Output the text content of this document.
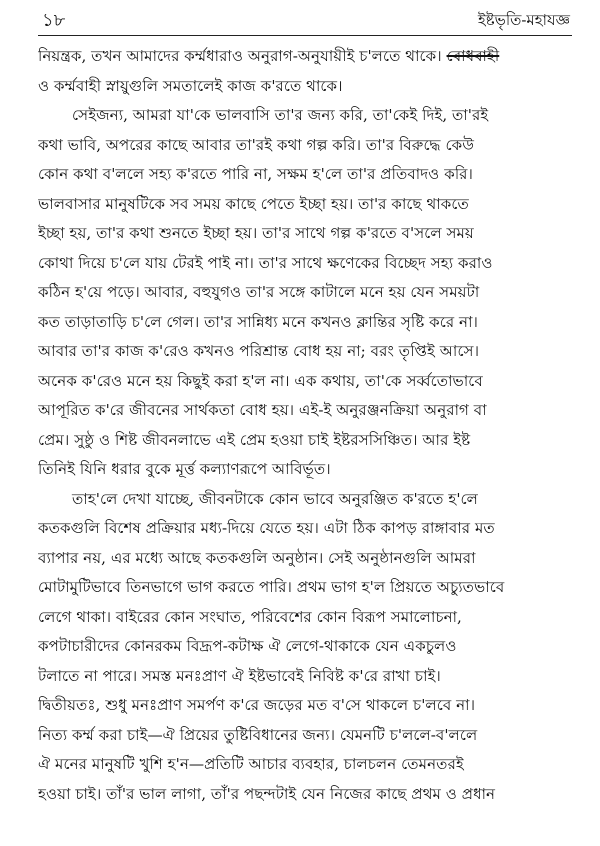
১৮	ইষ্টভৃতি-মহাযজ্ঞ
নিয়ন্ত্রক, তখন আমাদের কর্ম্মধারাও অনুরাগ-অনুযায়ীই চ'লতে থাকে। বোধবাহী
ও কর্ম্মবাহী স্নায়ুগুলি সমতালেই কাজ ক'রতে থাকে।
সেইজন্য, আমরা যা'কে ভালবাসি তা'র জন্য করি, তা'কেই দিই, তা'রই
কথা ভাবি, অপরের কাছে আবার তা'রই কথা গল্প করি। তা'র বিরুদ্ধে কেউ
কোন কথা ব'ললে সহ্য ক'রতে পারি না, সক্ষম হ'লে তা'র প্রতিবাদও করি।
ভালবাসার মানুষটিকে সব সময় কাছে পেতে ইচ্ছা হয়। তা'র কাছে থাকতে
ইচ্ছা হয়, তা'র কথা শুনতে ইচ্ছা হয়। তা'র সাথে গল্প ক'রতে ব'সলে সময়
কোথা দিয়ে চ'লে যায় টেরই পাই না। তা'র সাথে ক্ষণেকের বিচ্ছেদ সহ্য করাও
কঠিন হ'য়ে পড়ে। আবার, বহুযুগও তা'র সঙ্গে কাটালে মনে হয় যেন সময়টা
কত তাড়াতাড়ি চ'লে গেল। তা'র সান্নিধ্য মনে কখনও ক্লান্তির সৃষ্টি করে না।
আবার তা'র কাজ ক'রেও কখনও পরিশ্রান্ত বোধ হয় না; বরং তৃপ্তিই আসে।
অনেক ক'রেও মনে হয় কিছুই করা হ'ল না। এক কথায়, তা'কে সর্ব্বতোভাবে
আপূরিত ক'রে জীবনের সার্থকতা বোধ হয়। এই-ই অনুরঞ্জনক্রিয়া অনুরাগ বা
প্রেম। সুষ্ঠু ও শিষ্ট জীবনলাভে এই প্রেম হওয়া চাই ইষ্টরসসিঞ্চিত। আর ইষ্ট
তিনিই যিনি ধরার বুকে মূর্ত্ত কল্যাণরূপে আবির্ভূত।
তাহ'লে দেখা যাচ্ছে, জীবনটাকে কোন ভাবে অনুরঞ্জিত ক'রতে হ'লে
কতকগুলি বিশেষ প্রক্রিয়ার মধ্য-দিয়ে যেতে হয়। এটা ঠিক কাপড় রাঙ্গাবার মত
ব্যাপার নয়, এর মধ্যে আছে কতকগুলি অনুষ্ঠান। সেই অনুষ্ঠানগুলি আমরা
মোটামুটিভাবে তিনভাগে ভাগ করতে পারি। প্রথম ভাগ হ'ল প্রিয়তে অচ্যুতভাবে
লেগে থাকা। বাইরের কোন সংঘাত, পরিবেশের কোন বিরূপ সমালোচনা,
কপটাচারীদের কোনরকম বিদ্রূপ-কটাক্ষ ঐ লেগে-থাকাকে যেন একচুলও
টলাতে না পারে। সমস্ত মনঃপ্রাণ ঐ ইষ্টভাবেই নিবিষ্ট ক'রে রাখা চাই।
দ্বিতীয়তঃ, শুধু মনঃপ্রাণ সমর্পণ ক'রে জড়ের মত ব'সে থাকলে চ'লবে না।
নিত্য কর্ম্ম করা চাই—ঐ প্রিয়ের তুষ্টিবিধানের জন্য। যেমনটি চ'ললে-ব'ললে
ঐ মনের মানুষটি খুশি হ'ন—প্রতিটি আচার ব্যবহার, চালচলন তেমনতরই
হওয়া চাই। তাঁ'র ভাল লাগা, তাঁ'র পছন্দটাই যেন নিজের কাছে প্রথম ও প্রধান
